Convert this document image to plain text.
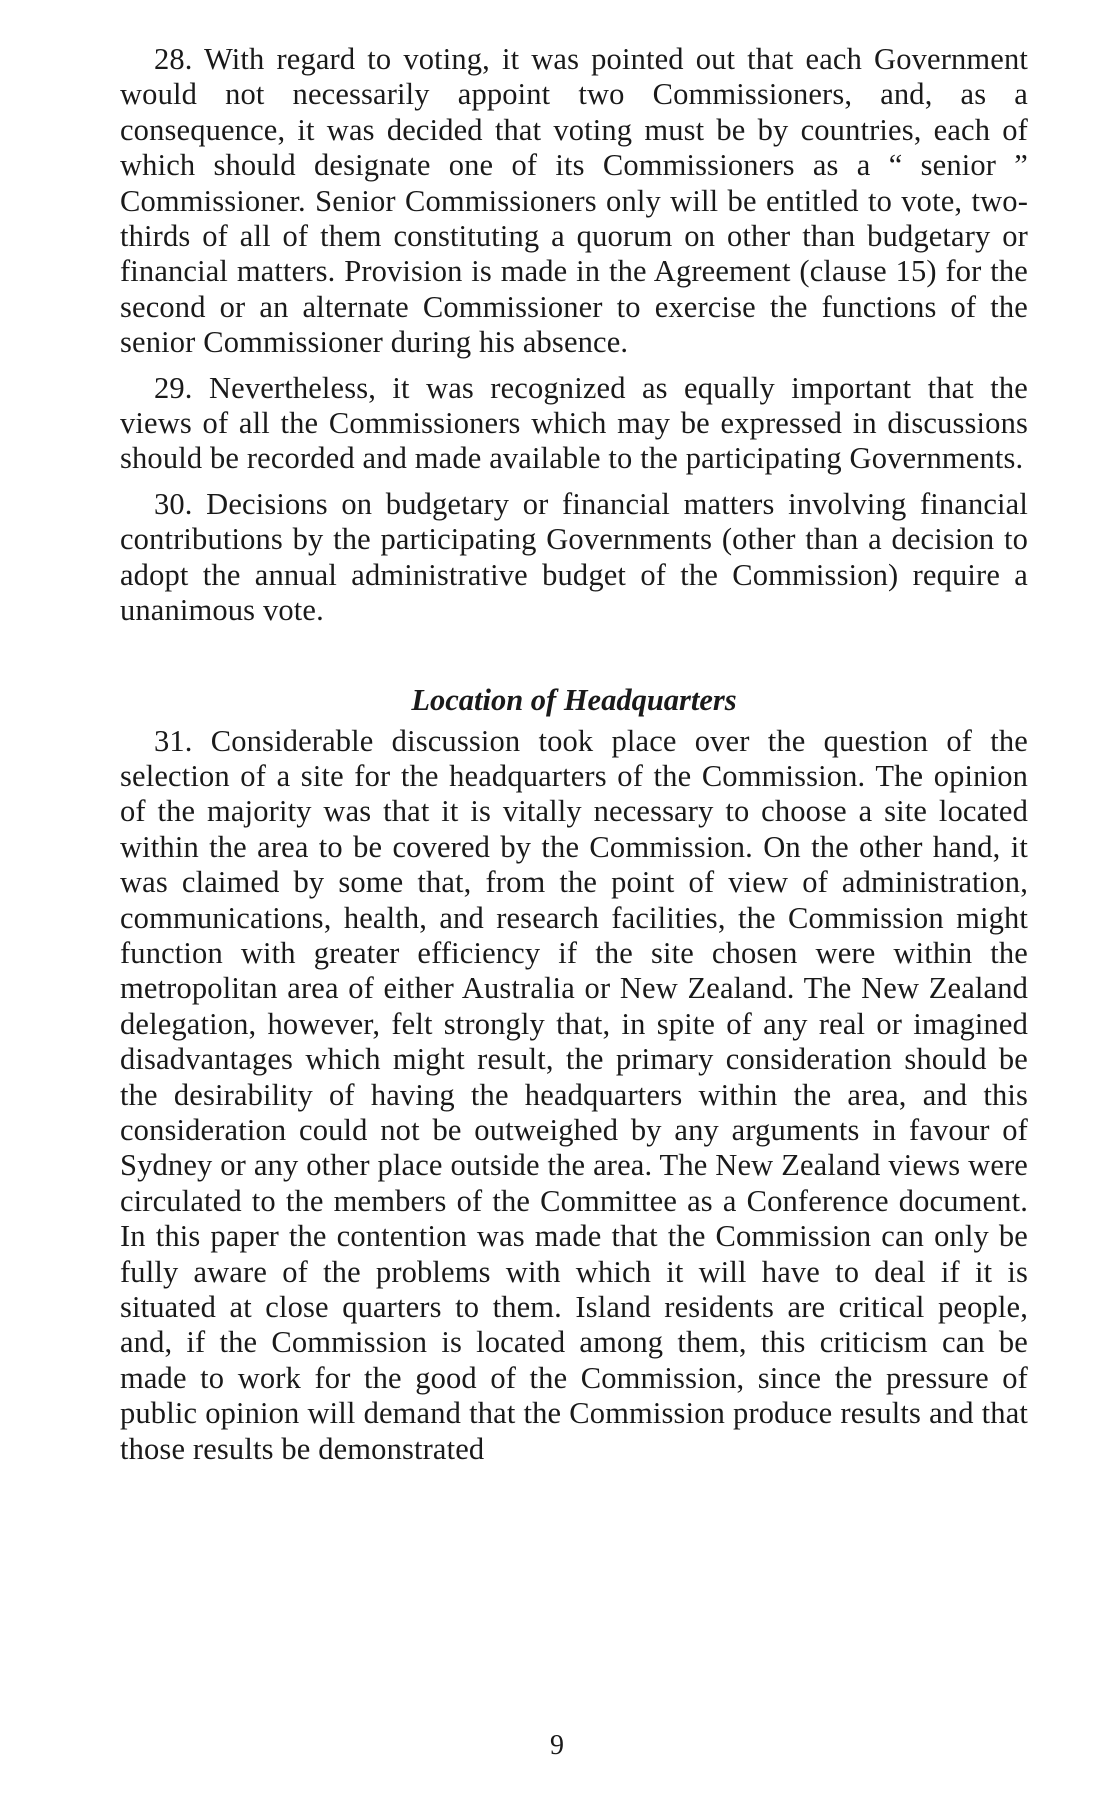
28. With regard to voting, it was pointed out that each Government would not necessarily appoint two Commissioners, and, as a consequence, it was decided that voting must be by countries, each of which should designate one of its Commissioners as a “ senior ” Commissioner. Senior Commissioners only will be entitled to vote, two-thirds of all of them constituting a quorum on other than budgetary or financial matters. Provision is made in the Agreement (clause 15) for the second or an alternate Commissioner to exercise the functions of the senior Commissioner during his absence.

29. Nevertheless, it was recognized as equally important that the views of all the Commissioners which may be expressed in discussions should be recorded and made available to the participating Governments.

30. Decisions on budgetary or financial matters involving financial contributions by the participating Governments (other than a decision to adopt the annual administrative budget of the Commission) require a unanimous vote.

Location of Headquarters

31. Considerable discussion took place over the question of the selection of a site for the headquarters of the Commission. The opinion of the majority was that it is vitally necessary to choose a site located within the area to be covered by the Commission. On the other hand, it was claimed by some that, from the point of view of administration, communications, health, and research facilities, the Commission might function with greater efficiency if the site chosen were within the metropolitan area of either Australia or New Zealand. The New Zealand delegation, however, felt strongly that, in spite of any real or imagined disadvantages which might result, the primary consideration should be the desirability of having the headquarters within the area, and this consideration could not be outweighed by any arguments in favour of Sydney or any other place outside the area. The New Zealand views were circulated to the members of the Committee as a Conference document. In this paper the contention was made that the Commission can only be fully aware of the problems with which it will have to deal if it is situated at close quarters to them. Island residents are critical people, and, if the Commission is located among them, this criticism can be made to work for the good of the Commission, since the pressure of public opinion will demand that the Commission produce results and that those results be demonstrated

9
